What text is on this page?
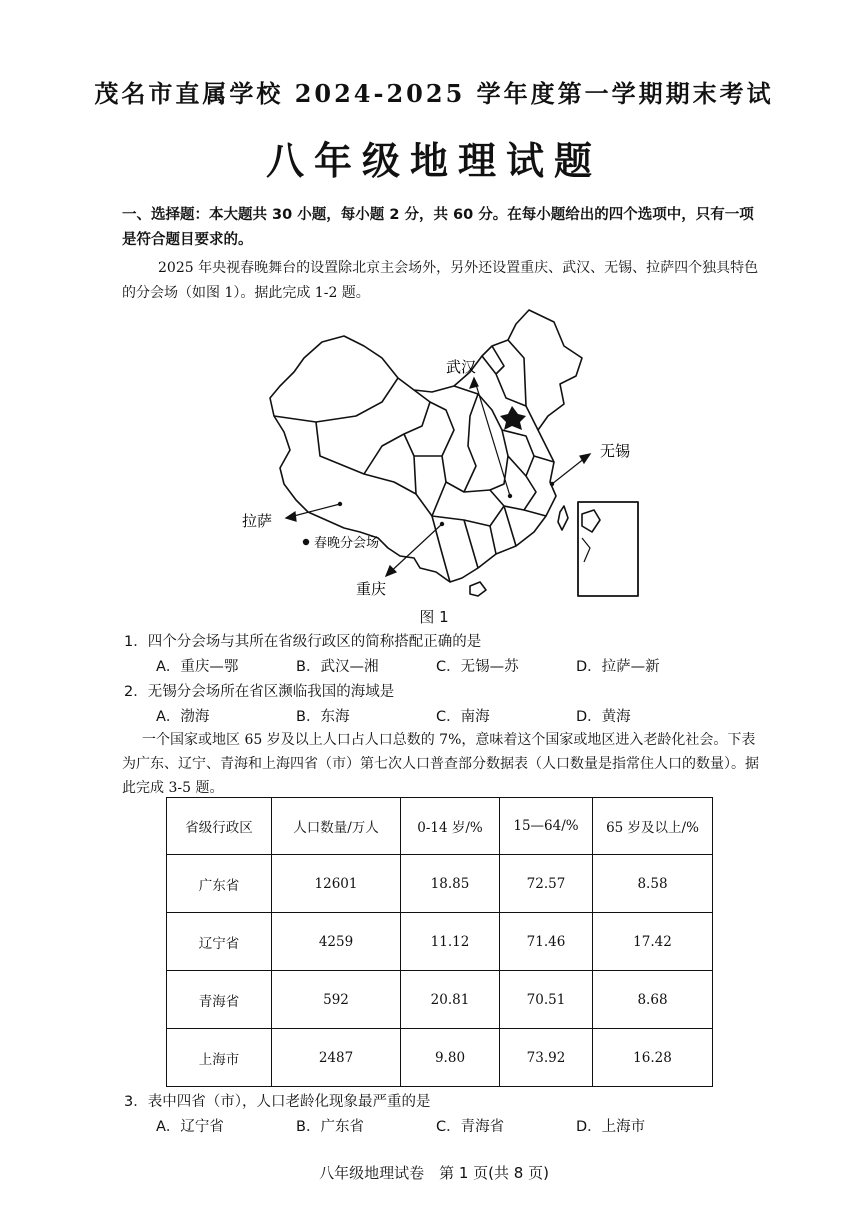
茂名市直属学校 2024-2025 学年度第一学期期末考试
八年级地理试题
一、选择题：本大题共 30 小题，每小题 2 分，共 60 分。在每小题给出的四个选项中，只有一项是符合题目要求的。
2025 年央视春晚舞台的设置除北京主会场外，另外还设置重庆、武汉、无锡、拉萨四个独具特色的分会场（如图 1）。据此完成 1-2 题。
武汉
无锡
拉萨
重庆
春晚分会场
图 1
1．四个分会场与其所在省级行政区的简称搭配正确的是
A．重庆—鄂	B．武汉—湘	C．无锡—苏	D．拉萨—新
2．无锡分会场所在省区濒临我国的海域是
A．渤海	B．东海	C．南海	D．黄海
一个国家或地区 65 岁及以上人口占人口总数的 7%，意味着这个国家或地区进入老龄化社会。下表为广东、辽宁、青海和上海四省（市）第七次人口普查部分数据表（人口数量是指常住人口的数量）。据此完成 3-5 题。
省级行政区	人口数量/万人	0-14 岁/%	15—64/%	65 岁及以上/%
广东省	12601	18.85	72.57	8.58
辽宁省	4259	11.12	71.46	17.42
青海省	592	20.81	70.51	8.68
上海市	2487	9.80	73.92	16.28
3．表中四省（市），人口老龄化现象最严重的是
A．辽宁省	B．广东省	C．青海省	D．上海市
八年级地理试卷　第 1 页(共 8 页)
